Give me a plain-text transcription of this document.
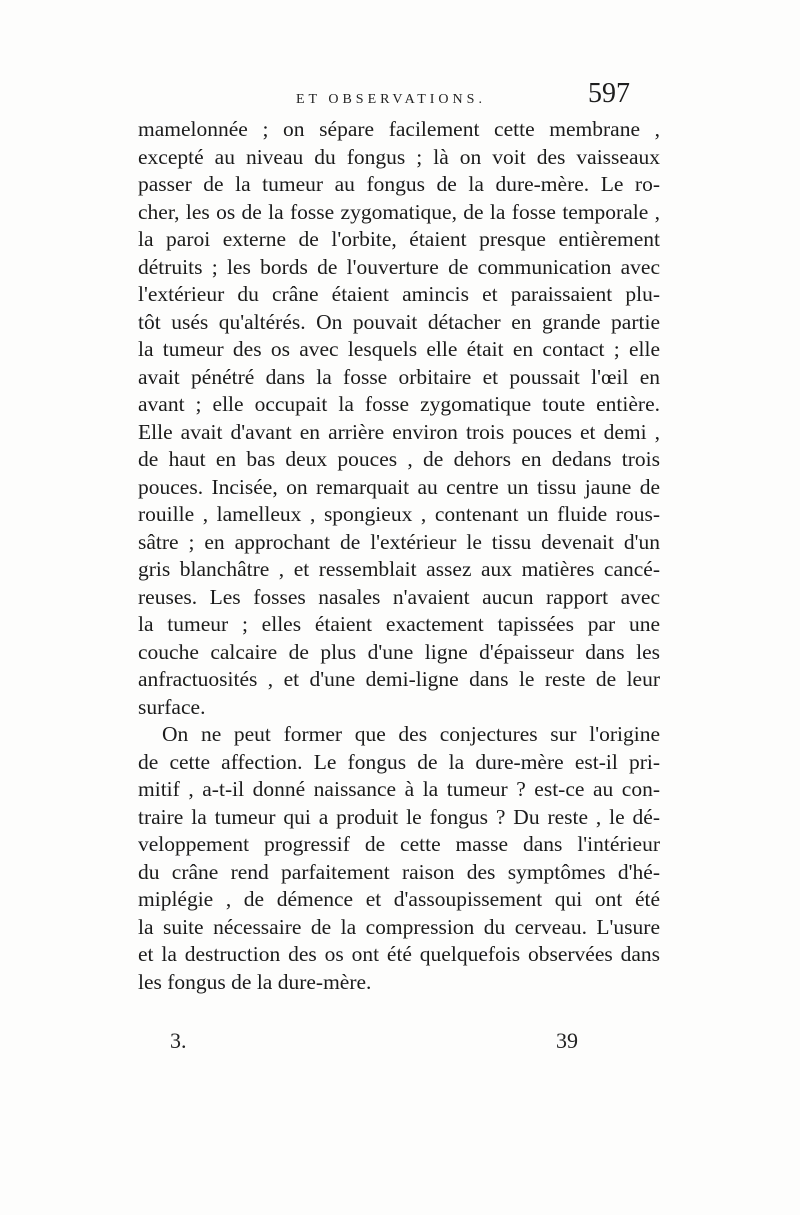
ET OBSERVATIONS.	597
mamelonnée ; on sépare facilement cette membrane ,
excepté au niveau du fongus ; là on voit des vaisseaux
passer de la tumeur au fongus de la dure-mère. Le ro-
cher, les os de la fosse zygomatique, de la fosse temporale ,
la paroi externe de l'orbite, étaient presque entièrement
détruits ; les bords de l'ouverture de communication avec
l'extérieur du crâne étaient amincis et paraissaient plu-
tôt usés qu'altérés. On pouvait détacher en grande partie
la tumeur des os avec lesquels elle était en contact ; elle
avait pénétré dans la fosse orbitaire et poussait l'œil en
avant ; elle occupait la fosse zygomatique toute entière.
Elle avait d'avant en arrière environ trois pouces et demi ,
de haut en bas deux pouces , de dehors en dedans trois
pouces. Incisée, on remarquait au centre un tissu jaune de
rouille , lamelleux , spongieux , contenant un fluide rous-
sâtre ; en approchant de l'extérieur le tissu devenait d'un
gris blanchâtre , et ressemblait assez aux matières cancé-
reuses. Les fosses nasales n'avaient aucun rapport avec
la tumeur ; elles étaient exactement tapissées par une
couche calcaire de plus d'une ligne d'épaisseur dans les
anfractuosités , et d'une demi-ligne dans le reste de leur
surface.
On ne peut former que des conjectures sur l'origine
de cette affection. Le fongus de la dure-mère est-il pri-
mitif , a-t-il donné naissance à la tumeur ? est-ce au con-
traire la tumeur qui a produit le fongus ? Du reste , le dé-
veloppement progressif de cette masse dans l'intérieur
du crâne rend parfaitement raison des symptômes d'hé-
miplégie , de démence et d'assoupissement qui ont été
la suite nécessaire de la compression du cerveau. L'usure
et la destruction des os ont été quelquefois observées dans
les fongus de la dure-mère.
3.	39
